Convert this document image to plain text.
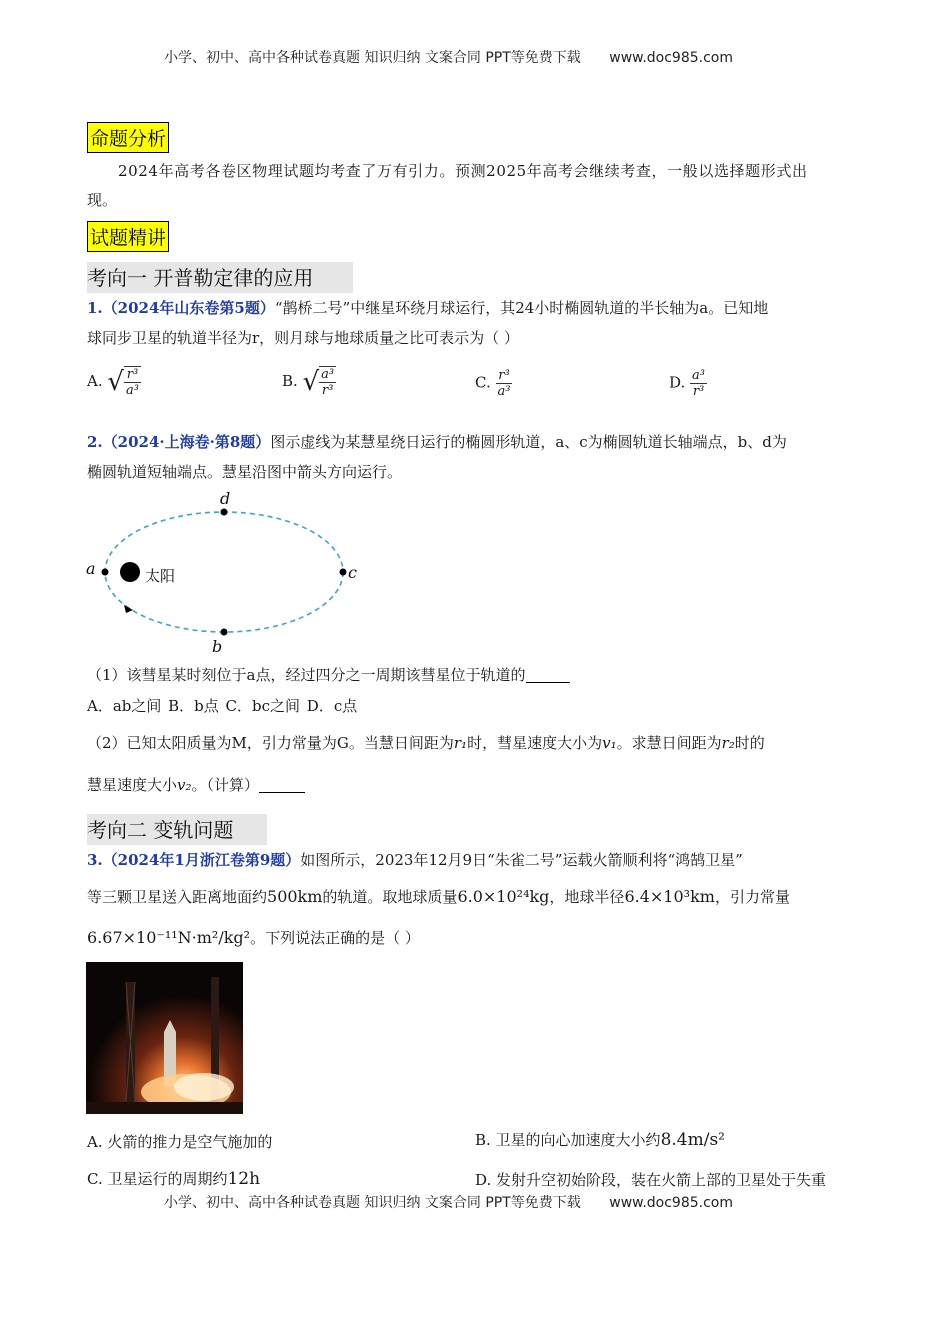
小学、初中、高中各种试卷真题 知识归纳 文案合同 PPT等免费下载 www.doc985.com
命题分析
2024年高考各卷区物理试题均考查了万有引力。预测2025年高考会继续考查，一般以选择题形式出
现。
试题精讲
考向一 开普勒定律的应用
1.（2024年山东卷第5题）“鹊桥二号”中继星环绕月球运行，其24小时椭圆轨道的半长轴为a。已知地
球同步卫星的轨道半径为r，则月球与地球质量之比可表示为（ ）
A. √ $\frac{\text{r³}}{\text{a³}}$	B. √ $\frac{\text{a³}}{\text{r³}}$	C. $\frac{\text{r³}}{\text{a³}}$	D. $\frac{\text{a³}}{\text{r³}}$
2.（2024·上海卷·第8题）图示虚线为某慧星绕日运行的椭圆形轨道，a、c为椭圆轨道长轴端点，b、d为
椭圆轨道短轴端点。慧星沿图中箭头方向运行。
太阳
a	c
d
b
（1）该彗星某时刻位于a点，经过四分之一周期该彗星位于轨道的
A．ab之间 B．b点 C．bc之间 D．c点
（2）已知太阳质量为M，引力常量为G。当慧日间距为r₁时，彗星速度大小为v₁。求慧日间距为r₂时的
慧星速度大小v₂。（计算）
考向二 变轨问题
3.（2024年1月浙江卷第9题）如图所示，2023年12月9日“朱雀二号”运载火箭顺利将“鸿鹄卫星”
等三颗卫星送入距离地面约500km的轨道。取地球质量6.0×10²⁴kg，地球半径6.4×10³km，引力常量
6.67×10⁻¹¹N·m²/kg²。下列说法正确的是（ ）
A. 火箭的推力是空气施加的	B. 卫星的向心加速度大小约8.4m/s²
C. 卫星运行的周期约12h	D. 发射升空初始阶段，装在火箭上部的卫星处于失重
小学、初中、高中各种试卷真题 知识归纳 文案合同 PPT等免费下载 www.doc985.com
